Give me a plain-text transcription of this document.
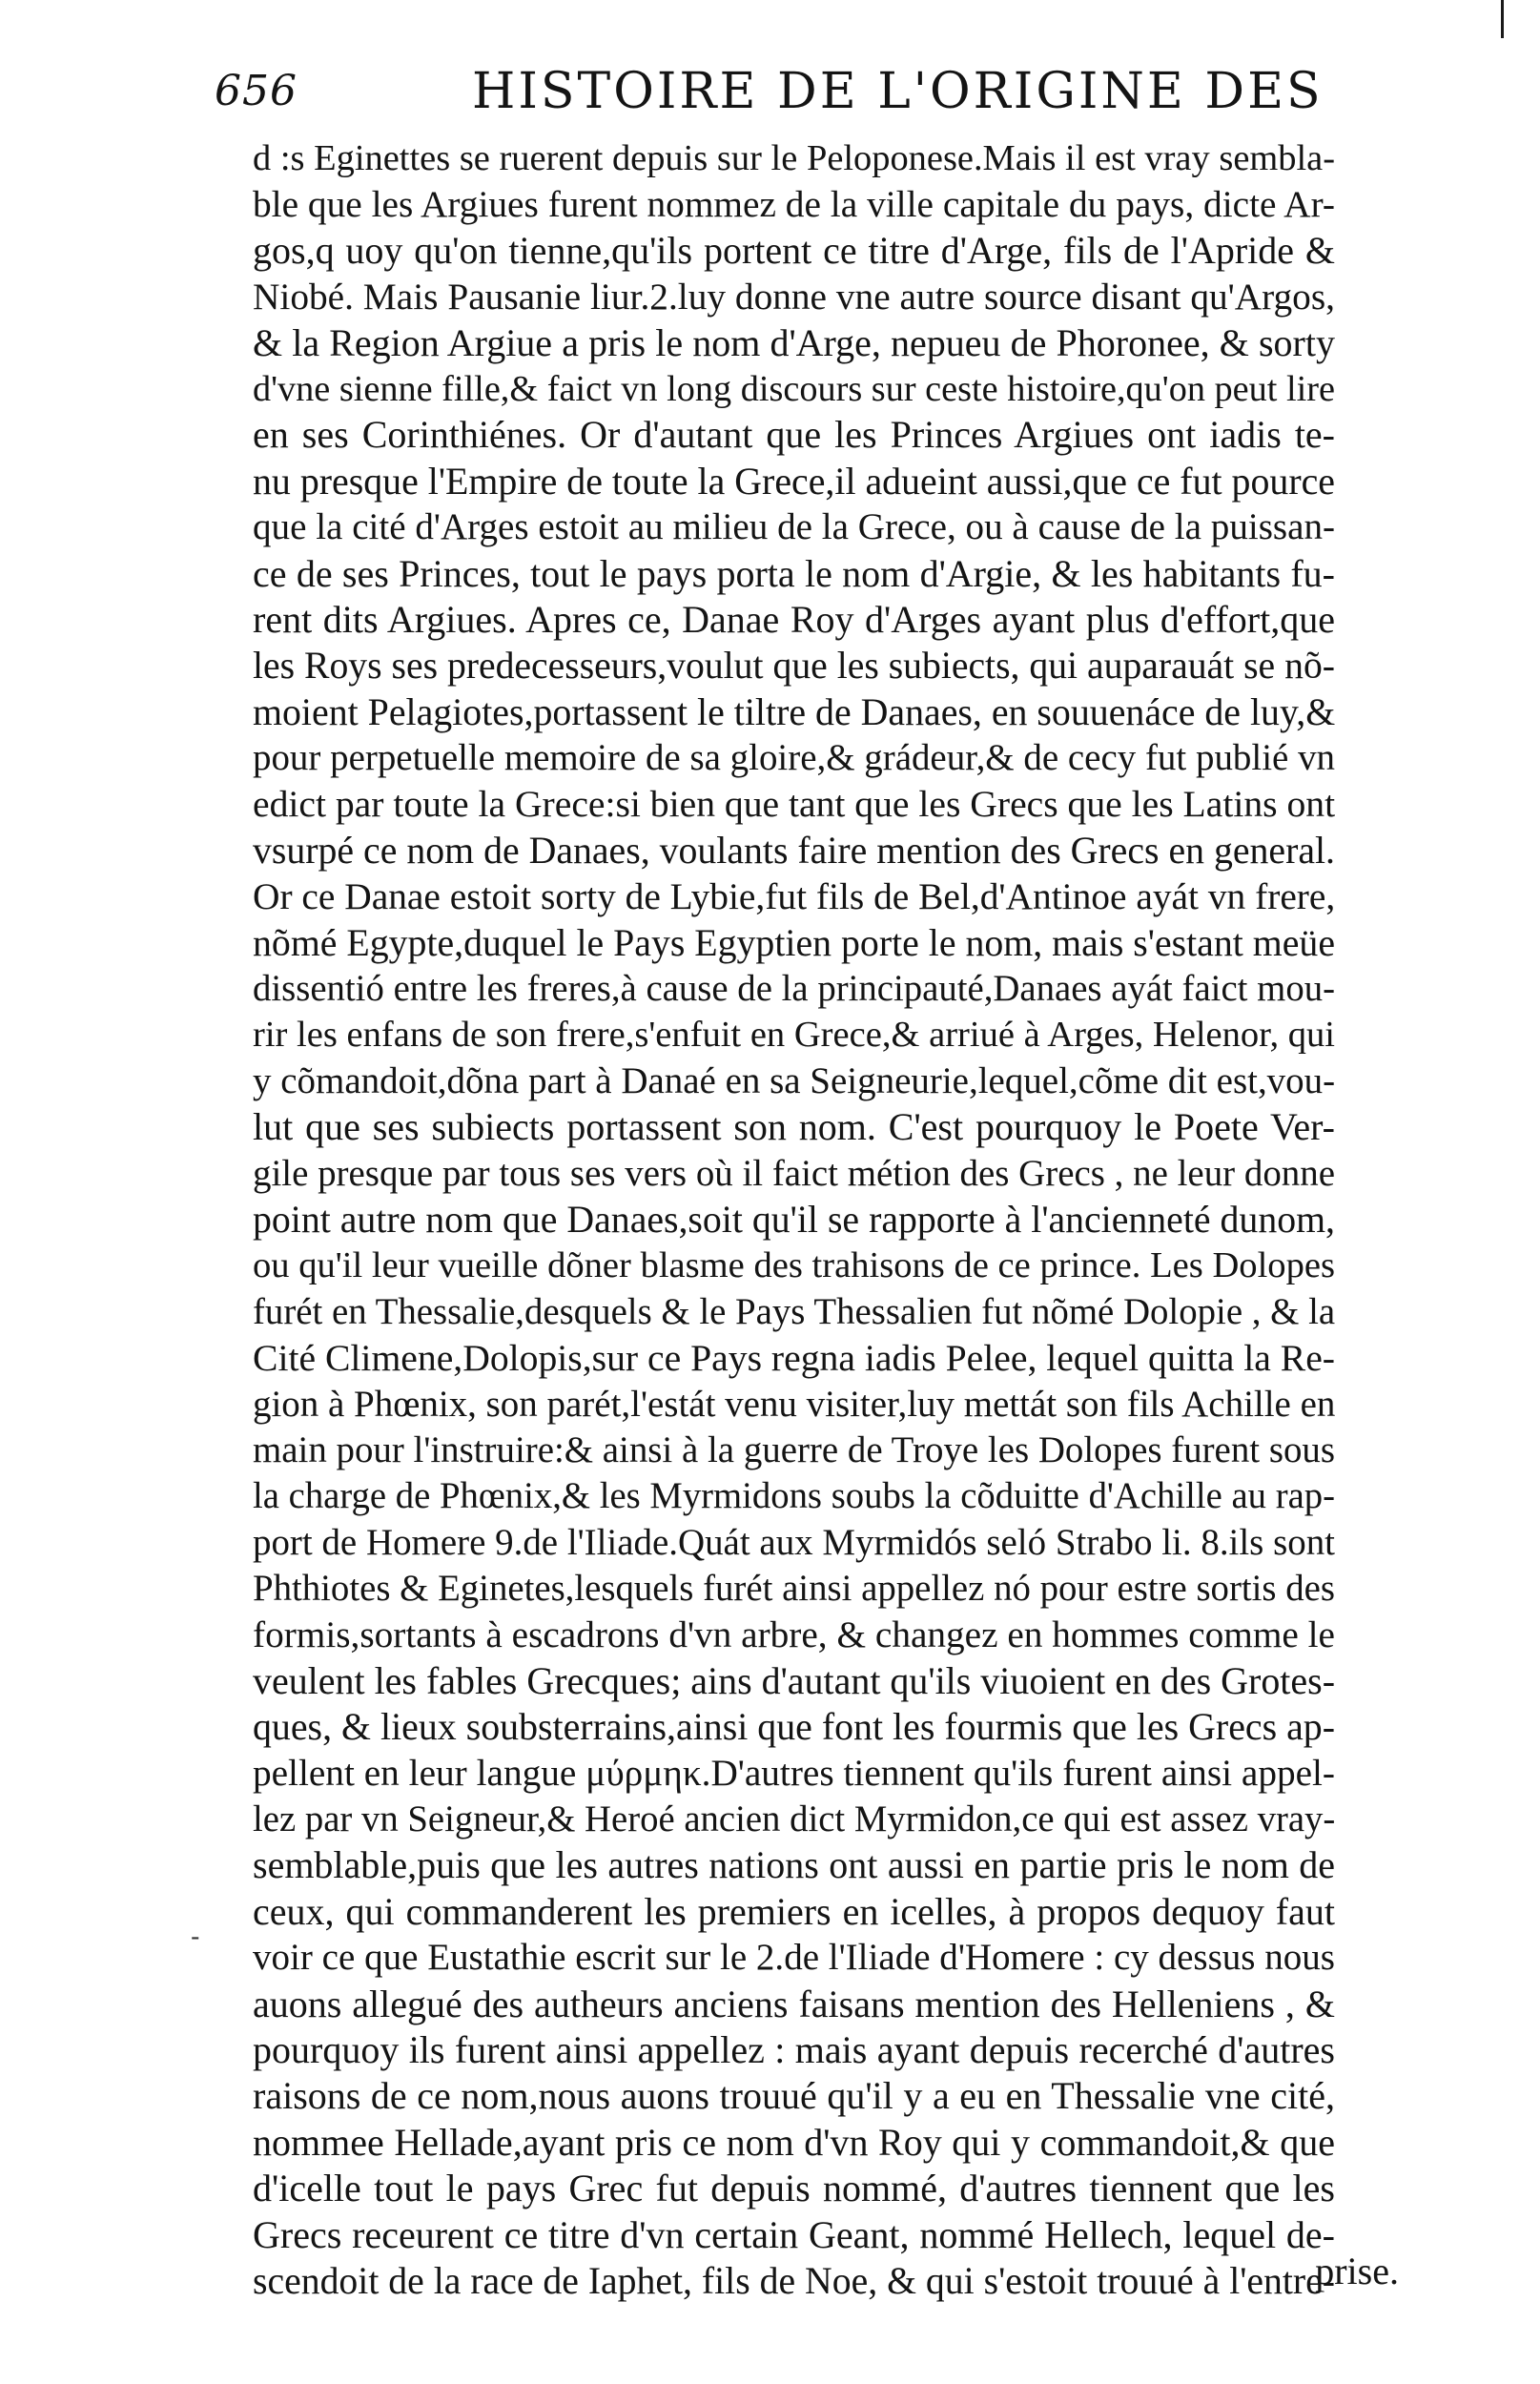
656	HISTOIRE DE L'ORIGINE DES
d :s Eginettes se ruerent depuis sur le Peloponese.Mais il est vray sembla-
ble que les Argiues furent nommez de la ville capitale du pays, dicte Ar-
gos,q uoy qu'on tienne,qu'ils portent ce titre d'Arge, fils de l'Apride &
Niobé. Mais Pausanie liur.2.luy donne vne autre source disant qu'Argos,
& la Region Argiue a pris le nom d'Arge, nepueu de Phoronee, & sorty
d'vne sienne fille,& faict vn long discours sur ceste histoire,qu'on peut lire
en ses Corinthiénes. Or d'autant que les Princes Argiues ont iadis te-
nu presque l'Empire de toute la Grece,il adueint aussi,que ce fut pource
que la cité d'Arges estoit au milieu de la Grece, ou à cause de la puissan-
ce de ses Princes, tout le pays porta le nom d'Argie, & les habitants fu-
rent dits Argiues. Apres ce, Danae Roy d'Arges ayant plus d'effort,que
les Roys ses predecesseurs,voulut que les subiects, qui auparauát se nõ-
moient Pelagiotes,portassent le tiltre de Danaes, en souuenáce de luy,&
pour perpetuelle memoire de sa gloire,& grádeur,& de cecy fut publié vn
edict par toute la Grece:si bien que tant que les Grecs que les Latins ont
vsurpé ce nom de Danaes, voulants faire mention des Grecs en general.
Or ce Danae estoit sorty de Lybie,fut fils de Bel,d'Antinoe ayát vn frere,
nõmé Egypte,duquel le Pays Egyptien porte le nom, mais s'estant meüe
dissentió entre les freres,à cause de la principauté,Danaes ayát faict mou-
rir les enfans de son frere,s'enfuit en Grece,& arriué à Arges, Helenor, qui
y cõmandoit,dõna part à Danaé en sa Seigneurie,lequel,cõme dit est,vou-
lut que ses subiects portassent son nom. C'est pourquoy le Poete Ver-
gile presque par tous ses vers où il faict métion des Grecs , ne leur donne
point autre nom que Danaes,soit qu'il se rapporte à l'ancienneté dunom,
ou qu'il leur vueille dõner blasme des trahisons de ce prince. Les Dolopes
furét en Thessalie,desquels & le Pays Thessalien fut nõmé Dolopie , & la
Cité Climene,Dolopis,sur ce Pays regna iadis Pelee, lequel quitta la Re-
gion à Phœnix, son parét,l'estát venu visiter,luy mettát son fils Achille en
main pour l'instruire:& ainsi à la guerre de Troye les Dolopes furent sous
la charge de Phœnix,& les Myrmidons soubs la cõduitte d'Achille au rap-
port de Homere 9.de l'Iliade.Quát aux Myrmidós seló Strabo li. 8.ils sont
Phthiotes & Eginetes,lesquels furét ainsi appellez nó pour estre sortis des
formis,sortants à escadrons d'vn arbre, & changez en hommes comme le
veulent les fables Grecques; ains d'autant qu'ils viuoient en des Grotes-
ques, & lieux soubsterrains,ainsi que font les fourmis que les Grecs ap-
pellent en leur langue μύρμηκ.D'autres tiennent qu'ils furent ainsi appel-
lez par vn Seigneur,& Heroé ancien dict Myrmidon,ce qui est assez vray-
semblable,puis que les autres nations ont aussi en partie pris le nom de
ceux, qui commanderent les premiers en icelles, à propos dequoy faut
voir ce que Eustathie escrit sur le 2.de l'Iliade d'Homere : cy dessus nous
auons allegué des autheurs anciens faisans mention des Helleniens , &
pourquoy ils furent ainsi appellez : mais ayant depuis recerché d'autres
raisons de ce nom,nous auons trouué qu'il y a eu en Thessalie vne cité,
nommee Hellade,ayant pris ce nom d'vn Roy qui y commandoit,& que
d'icelle tout le pays Grec fut depuis nommé, d'autres tiennent que les
Grecs receurent ce titre d'vn certain Geant, nommé Hellech, lequel de-
scendoit de la race de Iaphet, fils de Noe, & qui s'estoit trouué à l'entre-
-
prise.
